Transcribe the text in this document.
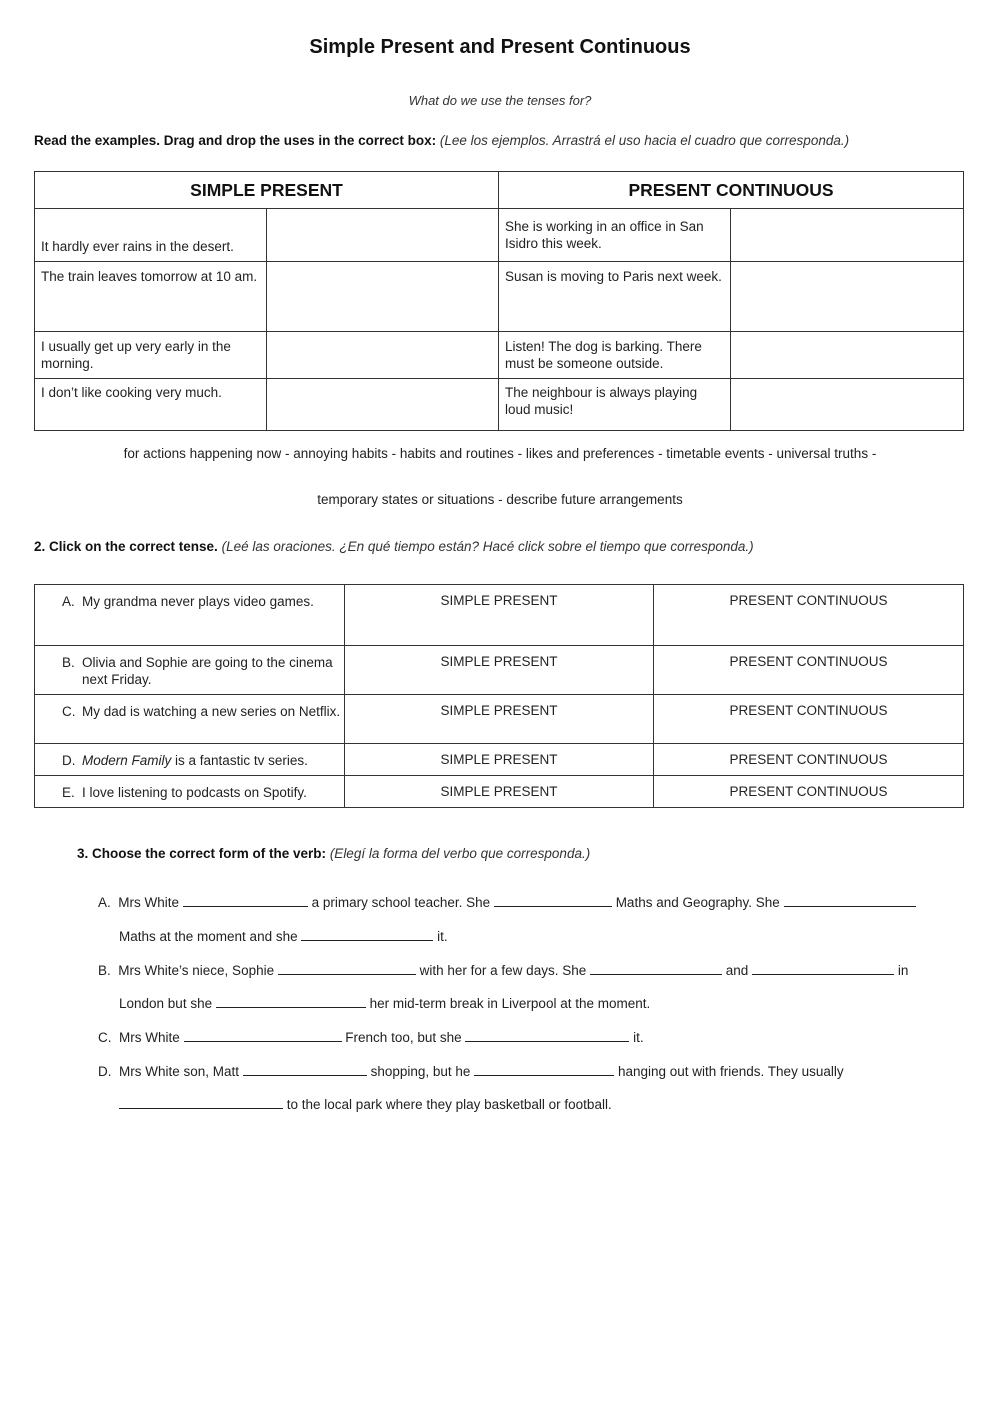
Simple Present and Present Continuous
What do we use the tenses for?
Read the examples. Drag and drop the uses in the correct box: (Lee los ejemplos. Arrastrá el uso hacia el cuadro que corresponda.)
SIMPLE PRESENT		PRESENT CONTINUOUS	
It hardly ever rains in the desert.		She is working in an office in San Isidro this week.	
The train leaves tomorrow at 10 am.		Susan is moving to Paris next week.	
I usually get up very early in the morning.		Listen! The dog is barking. There must be someone outside.	
I don’t like cooking very much.		The neighbour is always playing loud music!	
for actions happening now - annoying habits - habits and routines - likes and preferences - timetable events - universal truths -
temporary states or situations - describe future arrangements
2. Click on the correct tense. (Leé las oraciones. ¿En qué tiempo están? Hacé click sobre el tiempo que corresponda.)
A. My grandma never plays video games.	SIMPLE PRESENT	PRESENT CONTINUOUS

B. Olivia and Sophie are going to the cinema next Friday.	SIMPLE PRESENT	PRESENT CONTINUOUS

C. My dad is watching a new series on Netflix.	SIMPLE PRESENT	PRESENT CONTINUOUS

D. Modern Family is a fantastic tv series.	SIMPLE PRESENT	PRESENT CONTINUOUS

E. I love listening to podcasts on Spotify.	SIMPLE PRESENT	PRESENT CONTINUOUS
3. Choose the correct form of the verb: (Elegí la forma del verbo que corresponda.)
A. Mrs White	a primary school teacher. She	Maths and Geography. She
Maths at the moment and she	it.
B. Mrs White’s niece, Sophie	with her for a few days. She	and	in
London but she	her mid-term break in Liverpool at the moment.
C. Mrs White	French too, but she	it.
D. Mrs White son, Matt	shopping, but he	hanging out with friends. They usually
to the local park where they play basketball or football.
